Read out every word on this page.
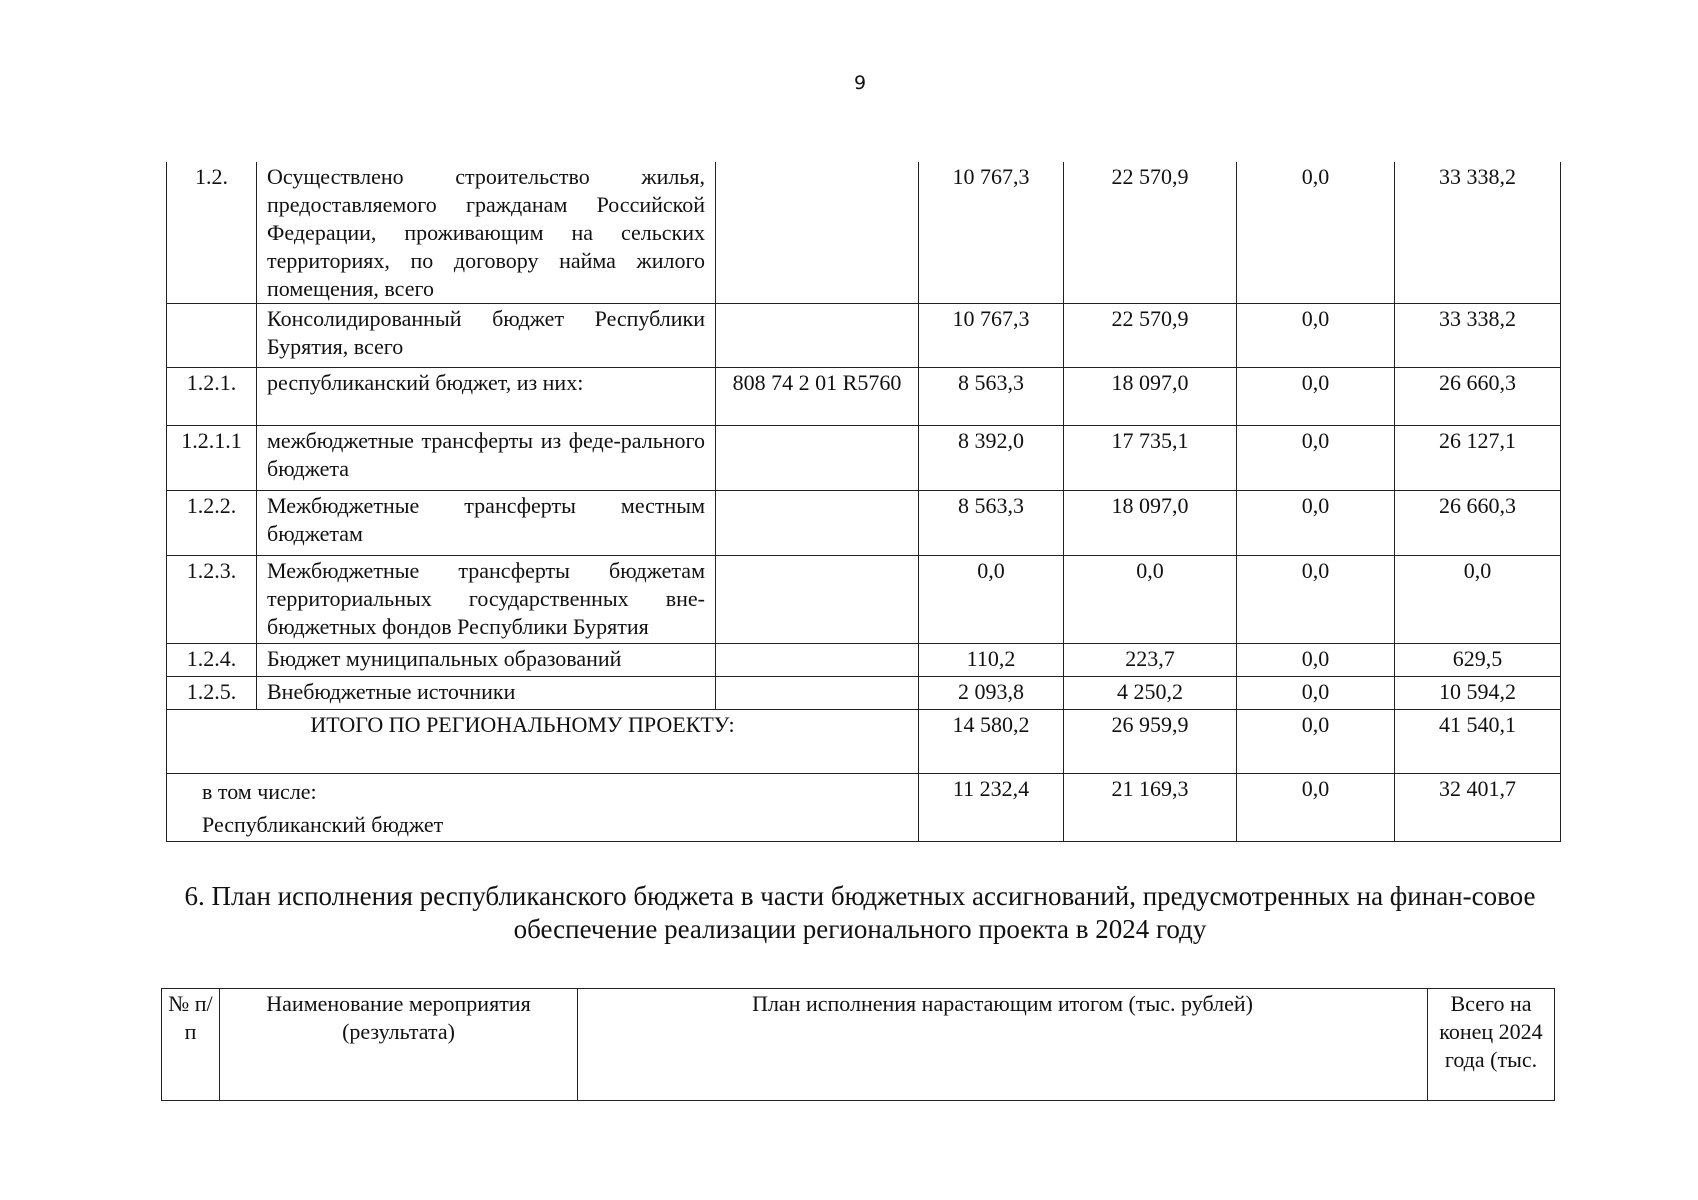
9
1.2.	Осуществлено строительство жилья, предоставляемого гражданам Российской Федерации, проживающим на сельских территориях, по договору найма жилого помещения, всего		10 767,3	22 570,9	0,0	33 338,2
	Консолидированный бюджет Республики Бурятия, всего		10 767,3	22 570,9	0,0	33 338,2
1.2.1.	республиканский бюджет, из них:	808 74 2 01 R5760	8 563,3	18 097,0	0,0	26 660,3
1.2.1.1	межбюджетные трансферты из феде-рального бюджета		8 392,0	17 735,1	0,0	26 127,1
1.2.2.	Межбюджетные трансферты местным бюджетам		8 563,3	18 097,0	0,0	26 660,3
1.2.3.	Межбюджетные трансферты бюджетам территориальных государственных вне-бюджетных фондов Республики Бурятия		0,0	0,0	0,0	0,0
1.2.4.	Бюджет муниципальных образований		110,2	223,7	0,0	629,5
1.2.5.	Внебюджетные источники		2 093,8	4 250,2	0,0	10 594,2
ИТОГО ПО РЕГИОНАЛЬНОМУ ПРОЕКТУ:			14 580,2	26 959,9	0,0	41 540,1

в том числе:
Республиканский бюджет			11 232,4	21 169,3	0,0	32 401,7
6. План исполнения республиканского бюджета в части бюджетных ассигнований, предусмотренных на финан-совое обеспечение реализации регионального проекта в 2024 году
№ п/п	Наименование мероприятия (результата)	План исполнения нарастающим итогом (тыс. рублей)	Всего на конец 2024 года (тыс.
